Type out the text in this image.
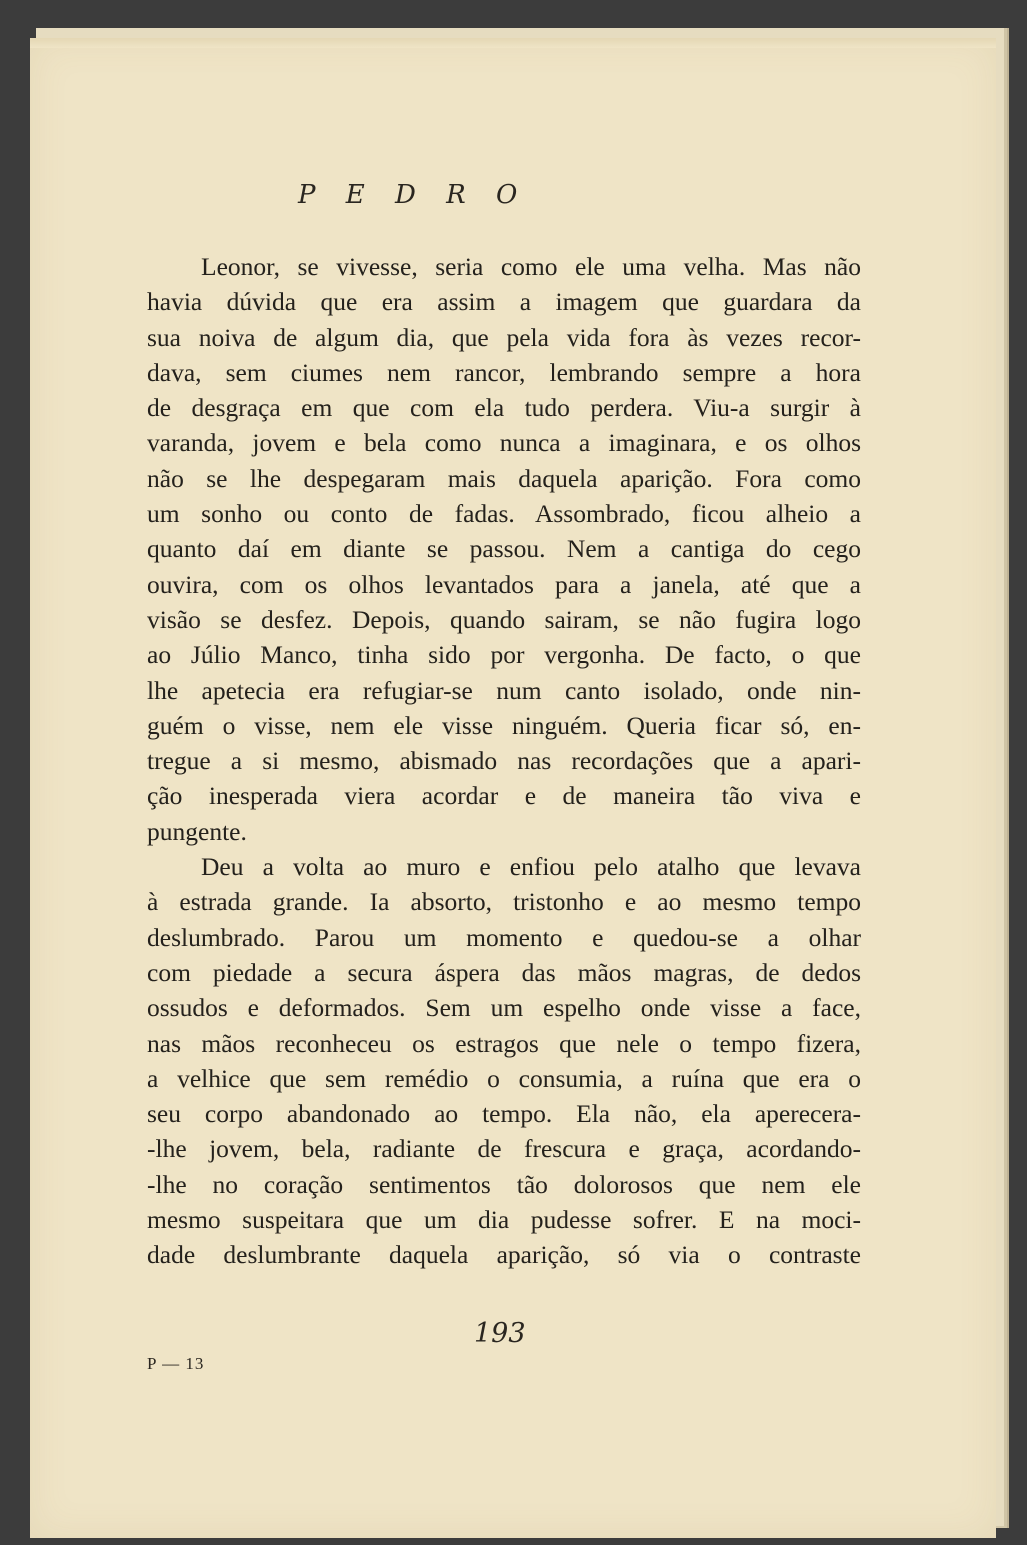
P E D R O
Leonor, se vivesse, seria como ele uma velha. Mas não
havia dúvida que era assim a imagem que guardara da
sua noiva de algum dia, que pela vida fora às vezes recor-
dava, sem ciumes nem rancor, lembrando sempre a hora
de desgraça em que com ela tudo perdera. Viu-a surgir à
varanda, jovem e bela como nunca a imaginara, e os olhos
não se lhe despegaram mais daquela aparição. Fora como
um sonho ou conto de fadas. Assombrado, ficou alheio a
quanto daí em diante se passou. Nem a cantiga do cego
ouvira, com os olhos levantados para a janela, até que a
visão se desfez. Depois, quando sairam, se não fugira logo
ao Júlio Manco, tinha sido por vergonha. De facto, o que
lhe apetecia era refugiar-se num canto isolado, onde nin-
guém o visse, nem ele visse ninguém. Queria ficar só, en-
tregue a si mesmo, abismado nas recordações que a apari-
ção inesperada viera acordar e de maneira tão viva e
pungente.
Deu a volta ao muro e enfiou pelo atalho que levava
à estrada grande. Ia absorto, tristonho e ao mesmo tempo
deslumbrado. Parou um momento e quedou-se a olhar
com piedade a secura áspera das mãos magras, de dedos
ossudos e deformados. Sem um espelho onde visse a face,
nas mãos reconheceu os estragos que nele o tempo fizera,
a velhice que sem remédio o consumia, a ruína que era o
seu corpo abandonado ao tempo. Ela não, ela aperecera-
-lhe jovem, bela, radiante de frescura e graça, acordando-
-lhe no coração sentimentos tão dolorosos que nem ele
mesmo suspeitara que um dia pudesse sofrer. E na moci-
dade deslumbrante daquela aparição, só via o contraste
193
P — 13
